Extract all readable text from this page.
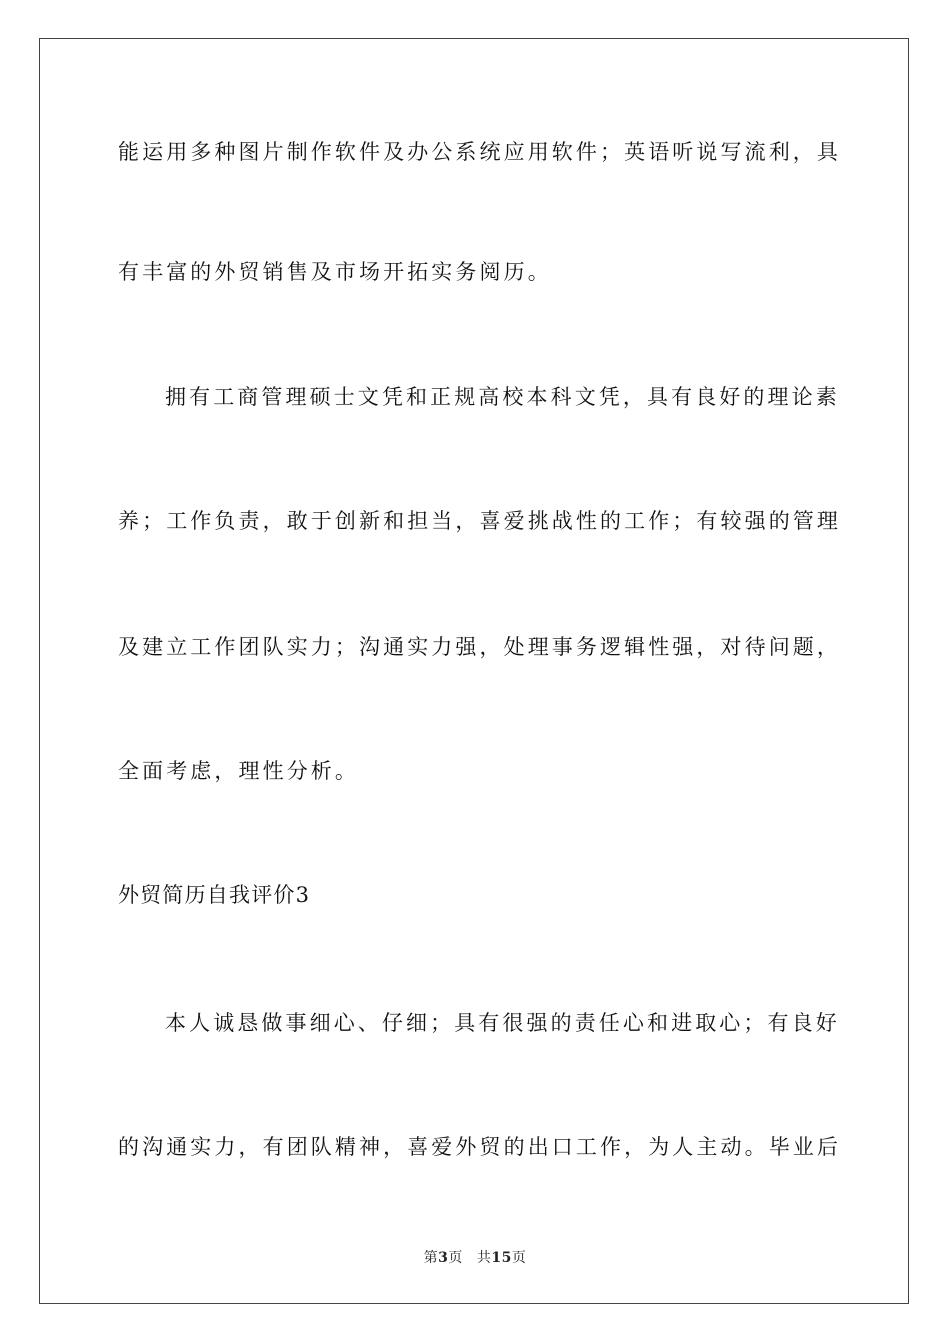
能运用多种图片制作软件及办公系统应用软件；英语听说写流利，具
有丰富的外贸销售及市场开拓实务阅历。
拥有工商管理硕士文凭和正规高校本科文凭，具有良好的理论素
养；工作负责，敢于创新和担当，喜爱挑战性的工作；有较强的管理
及建立工作团队实力；沟通实力强，处理事务逻辑性强，对待问题，
全面考虑，理性分析。
外贸简历自我评价3
本人诚恳做事细心、仔细；具有很强的责任心和进取心；有良好
的沟通实力，有团队精神，喜爱外贸的出口工作，为人主动。毕业后
第3页 共15页
